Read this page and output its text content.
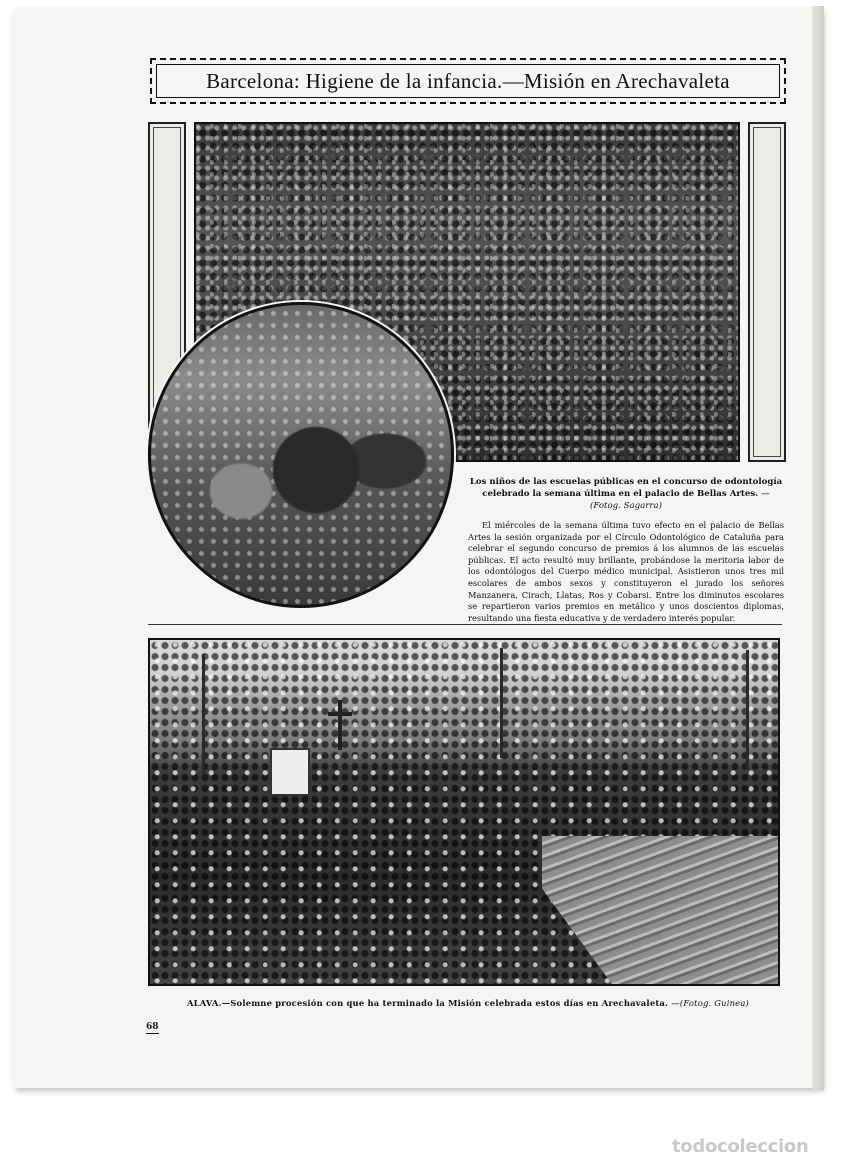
Barcelona: Higiene de la infancia.—Misión en Arechavaleta
Los niños de las escuelas públicas en el concurso de odontología celebrado la semana última en el palacio de Bellas Artes. —(Fotog. Sagarra)
El miércoles de la semana última tuvo efecto en el palacio de Bellas Artes la sesión organizada por el Círculo Odontológico de Cataluña para celebrar el segundo concurso de premios á los alumnos de las escuelas públicas. El acto resultó muy brillante, probándose la meritoria labor de los odontólogos del Cuerpo médico municipal. Asistieron unos tres mil escolares de ambos sexos y constituyeron el jurado los señores Manzanera, Cirach, Llatas, Ros y Cobarsi. Entre los diminutos escolares se repartieron varios premios en metálico y unos doscientos diplomas, resultando una fiesta educativa y de verdadero interés popular.
ALAVA.—Solemne procesión con que ha terminado la Misión celebrada estos días en Arechavaleta. —(Fotog. Guinea)
68
todocoleccion
